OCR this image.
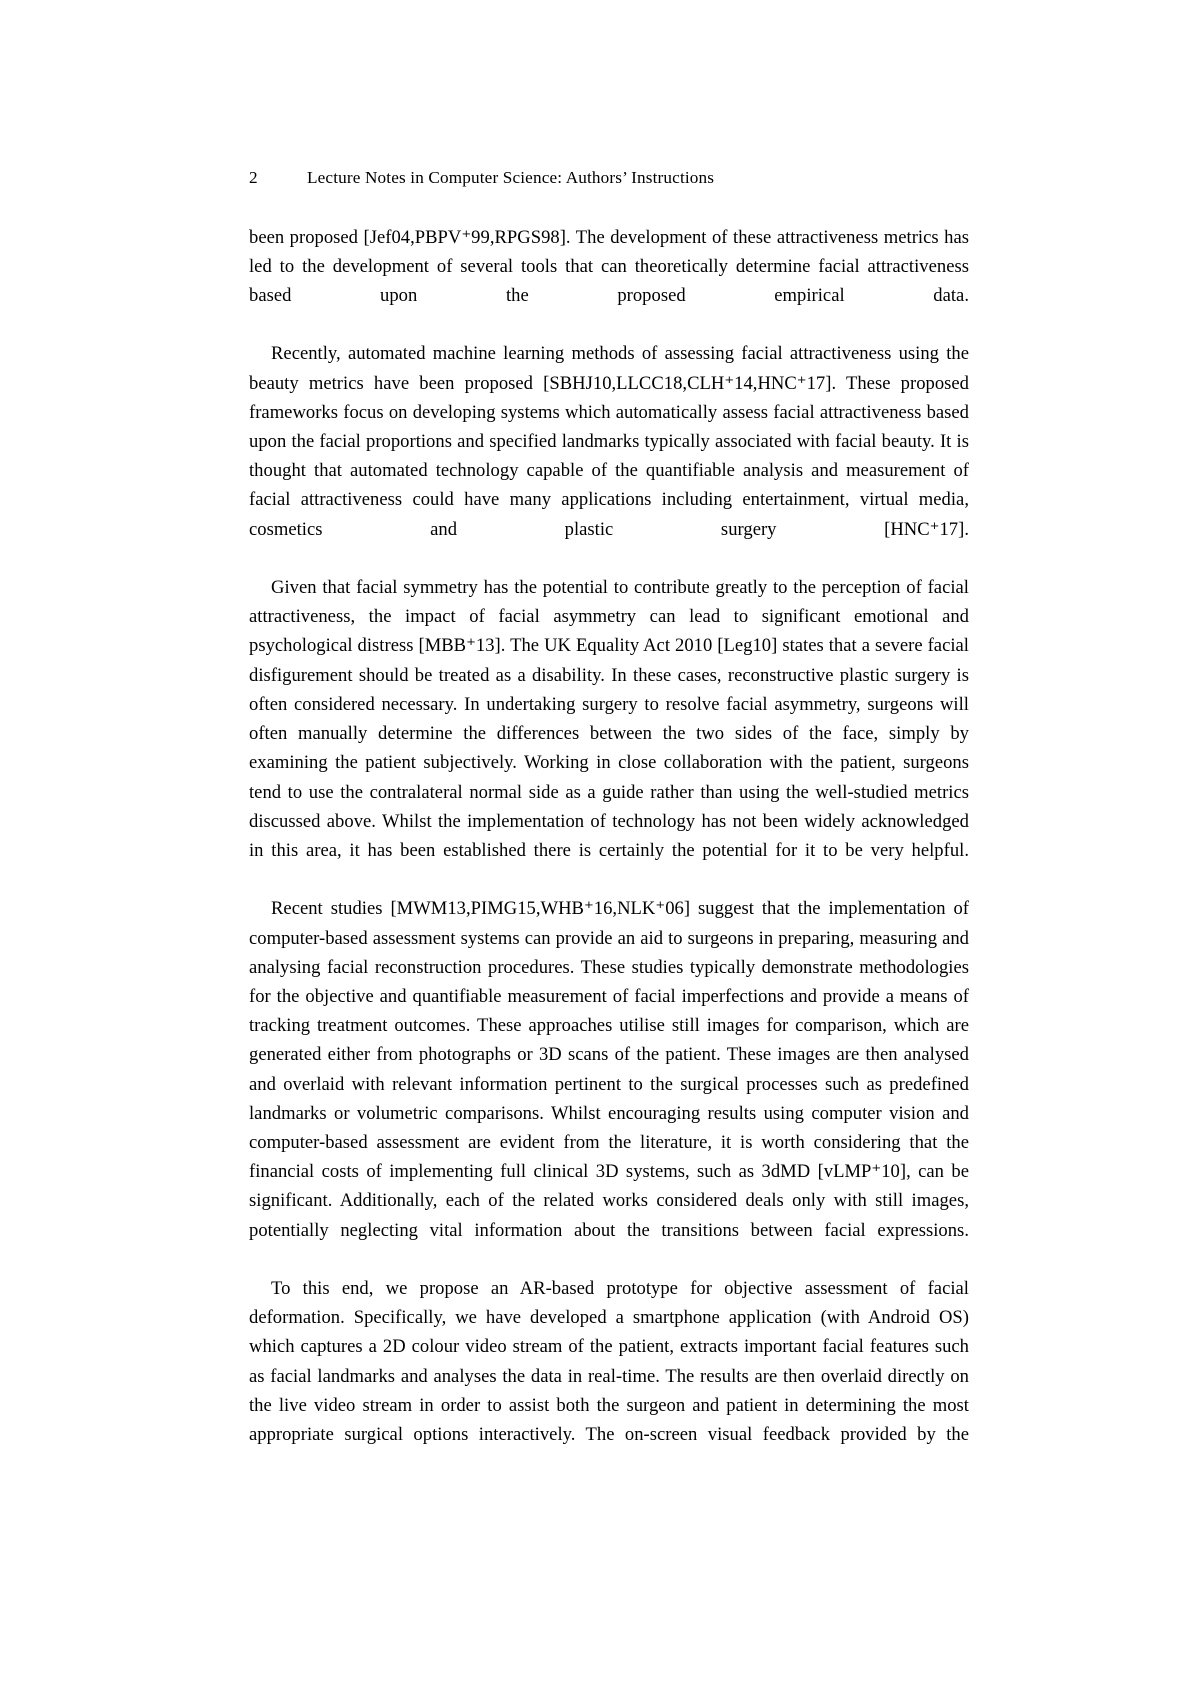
2	Lecture Notes in Computer Science: Authors’ Instructions

been proposed [Jef04,PBPV⁺99,RPGS98]. The development of these attractiveness metrics has led to the development of several tools that can theoretically determine facial attractiveness based upon the proposed empirical data.

Recently, automated machine learning methods of assessing facial attractiveness using the beauty metrics have been proposed [SBHJ10,LLCC18,CLH⁺14,HNC⁺17]. These proposed frameworks focus on developing systems which automatically assess facial attractiveness based upon the facial proportions and specified landmarks typically associated with facial beauty. It is thought that automated technology capable of the quantifiable analysis and measurement of facial attractiveness could have many applications including entertainment, virtual media, cosmetics and plastic surgery [HNC⁺17].

Given that facial symmetry has the potential to contribute greatly to the perception of facial attractiveness, the impact of facial asymmetry can lead to significant emotional and psychological distress [MBB⁺13]. The UK Equality Act 2010 [Leg10] states that a severe facial disfigurement should be treated as a disability. In these cases, reconstructive plastic surgery is often considered necessary. In undertaking surgery to resolve facial asymmetry, surgeons will often manually determine the differences between the two sides of the face, simply by examining the patient subjectively. Working in close collaboration with the patient, surgeons tend to use the contralateral normal side as a guide rather than using the well-studied metrics discussed above. Whilst the implementation of technology has not been widely acknowledged in this area, it has been established there is certainly the potential for it to be very helpful.

Recent studies [MWM13,PIMG15,WHB⁺16,NLK⁺06] suggest that the implementation of computer-based assessment systems can provide an aid to surgeons in preparing, measuring and analysing facial reconstruction procedures. These studies typically demonstrate methodologies for the objective and quantifiable measurement of facial imperfections and provide a means of tracking treatment outcomes. These approaches utilise still images for comparison, which are generated either from photographs or 3D scans of the patient. These images are then analysed and overlaid with relevant information pertinent to the surgical processes such as predefined landmarks or volumetric comparisons. Whilst encouraging results using computer vision and computer-based assessment are evident from the literature, it is worth considering that the financial costs of implementing full clinical 3D systems, such as 3dMD [vLMP⁺10], can be significant. Additionally, each of the related works considered deals only with still images, potentially neglecting vital information about the transitions between facial expressions.

To this end, we propose an AR-based prototype for objective assessment of facial deformation. Specifically, we have developed a smartphone application (with Android OS) which captures a 2D colour video stream of the patient, extracts important facial features such as facial landmarks and analyses the data in real-time. The results are then overlaid directly on the live video stream in order to assist both the surgeon and patient in determining the most appropriate surgical options interactively. The on-screen visual feedback provided by the
